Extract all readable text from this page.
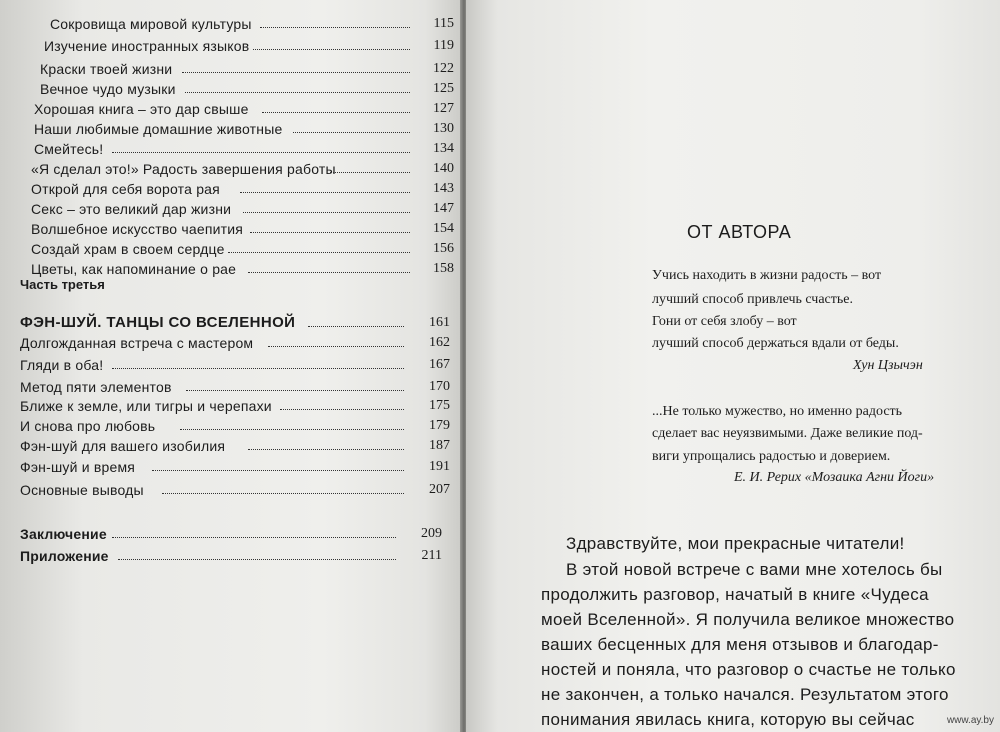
Часть третья
Сокровища мировой культуры	115
Изучение иностранных языков	119
Краски твоей жизни	122
Вечное чудо музыки	125
Хорошая книга – это дар свыше	127
Наши любимые домашние животные	130
Смейтесь!	134
«Я сделал это!» Радость завершения работы	140
Открой для себя ворота рая	143
Секс – это великий дар жизни	147
Волшебное искусство чаепития	154
Создай храм в своем сердце	156
Цветы, как напоминание о рае	158
ФЭН-ШУЙ. ТАНЦЫ СО ВСЕЛЕННОЙ	161
Долгожданная встреча с мастером	162
Гляди в оба!	167
Метод пяти элементов	170
Ближе к земле, или тигры и черепахи	175
И снова про любовь	179
Фэн-шуй для вашего изобилия	187
Фэн-шуй и время	191
Основные выводы	207
Заключение	209
Приложение	211
ОТ АВТОРА
Учись находить в жизни радость – вот
лучший способ привлечь счастье.
Гони от себя злобу – вот
лучший способ держаться вдали от беды.
Хун Цзычэн
...Не только мужество, но именно радость
сделает вас неуязвимыми. Даже великие под-
виги упрощались радостью и доверием.
Е. И. Рерих «Мозаика Агни Йоги»
Здравствуйте, мои прекрасные читатели!
В этой новой встрече с вами мне хотелось бы
продолжить разговор, начатый в книге «Чудеса
моей Вселенной». Я получила великое множество
ваших бесценных для меня отзывов и благодар-
ностей и поняла, что разговор о счастье не только
не закончен, а только начался. Результатом этого
понимания явилась книга, которую вы сейчас	www.ay.by
